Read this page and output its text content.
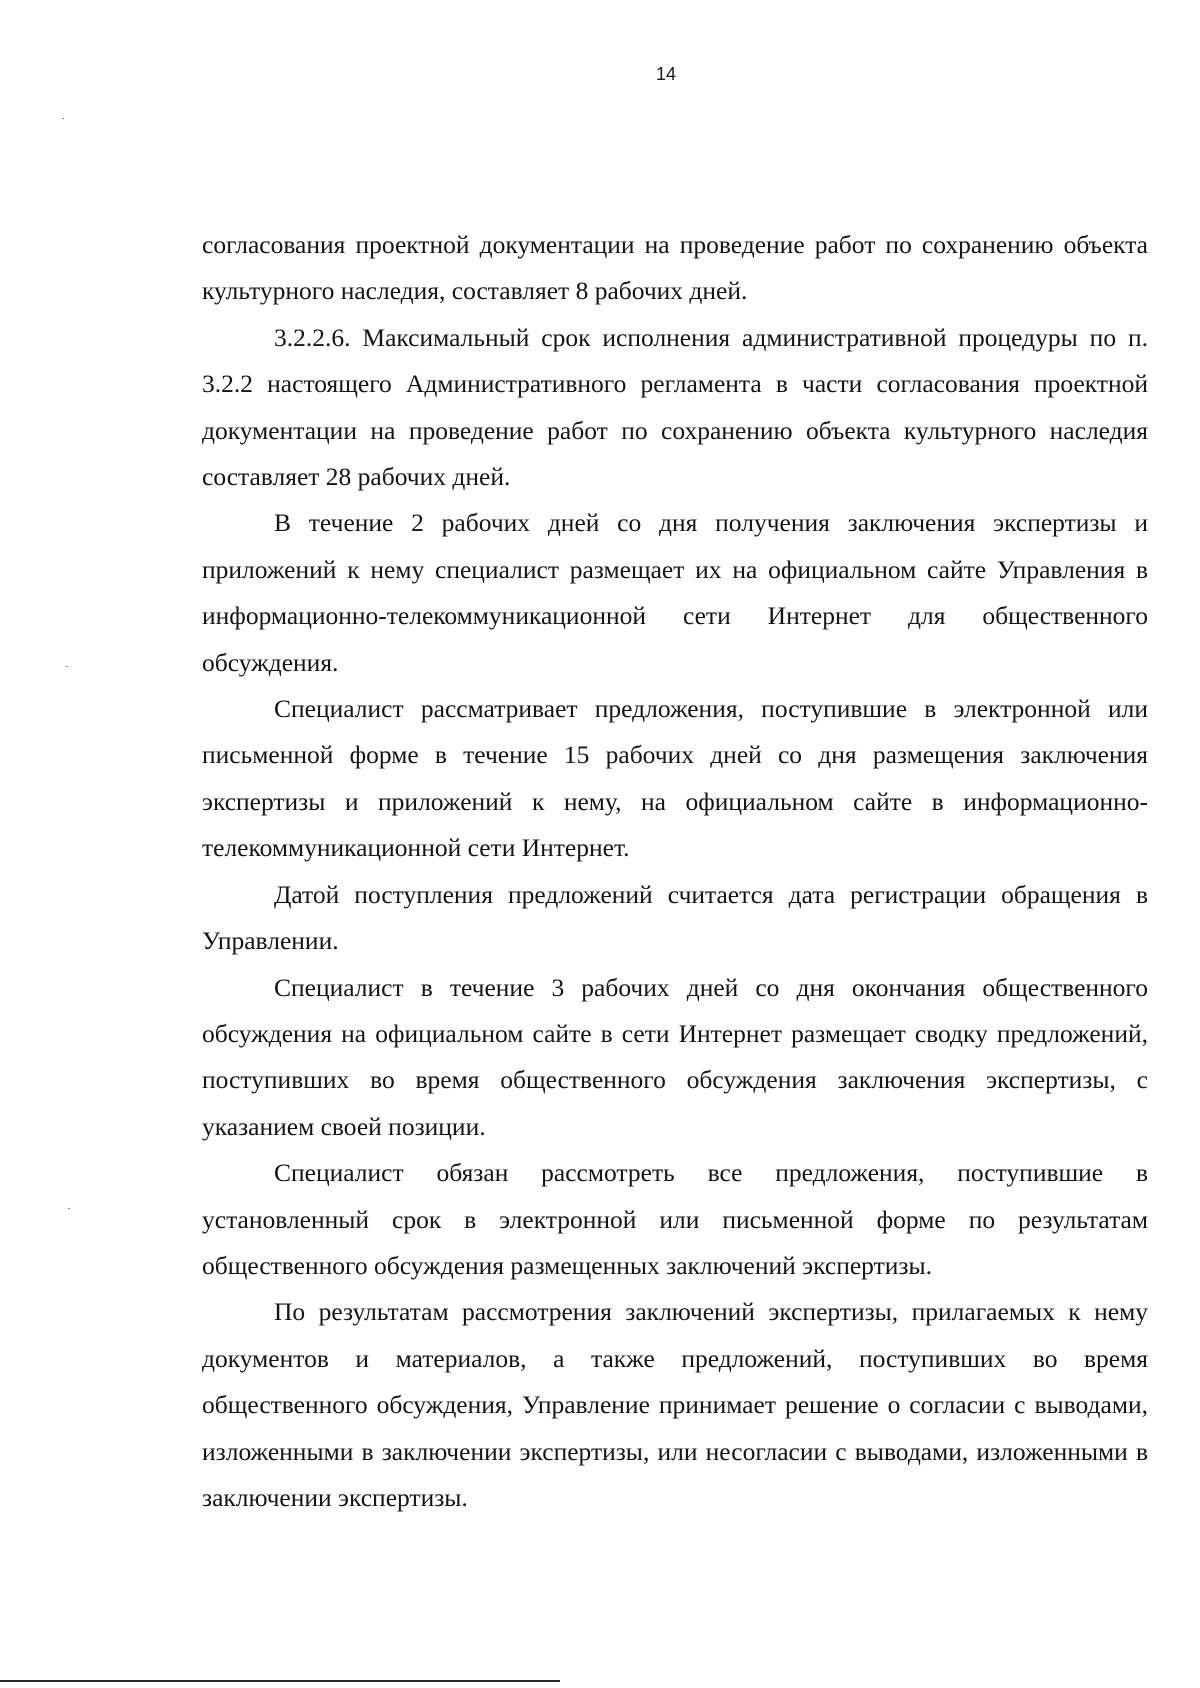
14

согласования проектной документации на проведение работ по сохранению объекта культурного наследия, составляет 8 рабочих дней.

3.2.2.6. Максимальный срок исполнения административной процедуры по п. 3.2.2 настоящего Административного регламента в части согласования проектной документации на проведение работ по сохранению объекта культурного наследия составляет 28 рабочих дней.

В течение 2 рабочих дней со дня получения заключения экспертизы и приложений к нему специалист размещает их на официальном сайте Управления в информационно-телекоммуникационной сети Интернет для общественного обсуждения.

Специалист рассматривает предложения, поступившие в электронной или письменной форме в течение 15 рабочих дней со дня размещения заключения экспертизы и приложений к нему, на официальном сайте в информационно-телекоммуникационной сети Интернет.

Датой поступления предложений считается дата регистрации обращения в Управлении.

Специалист в течение 3 рабочих дней со дня окончания общественного обсуждения на официальном сайте в сети Интернет размещает сводку предложений, поступивших во время общественного обсуждения заключения экспертизы, с указанием своей позиции.

Специалист обязан рассмотреть все предложения, поступившие в установленный срок в электронной или письменной форме по результатам общественного обсуждения размещенных заключений экспертизы.

По результатам рассмотрения заключений экспертизы, прилагаемых к нему документов и материалов, а также предложений, поступивших во время общественного обсуждения, Управление принимает решение о согласии с выводами, изложенными в заключении экспертизы, или несогласии с выводами, изложенными в заключении экспертизы.
